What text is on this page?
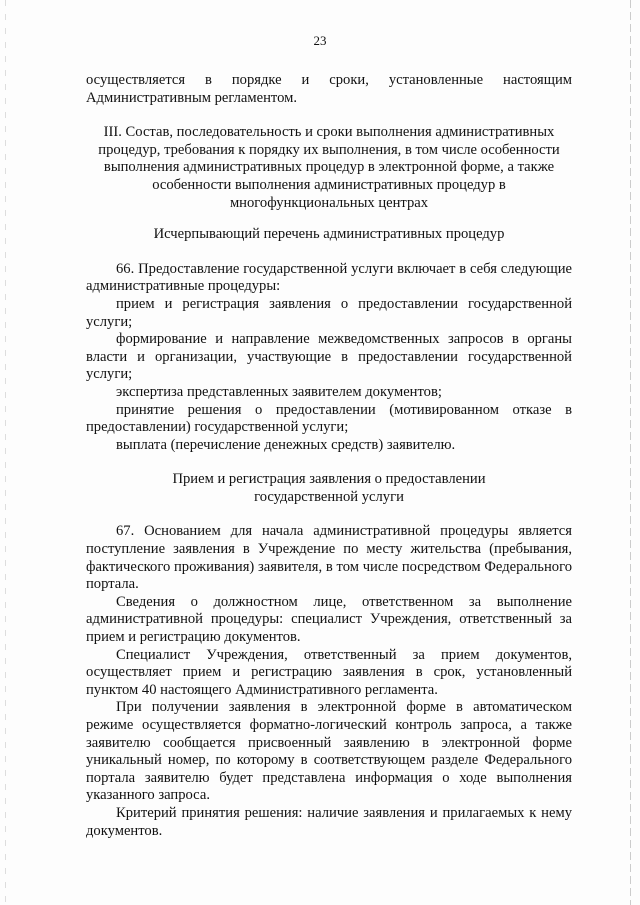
23

осуществляется в порядке и сроки, установленные настоящим Административным регламентом.

III. Состав, последовательность и сроки выполнения административных процедур, требования к порядку их выполнения, в том числе особенности выполнения административных процедур в электронной форме, а также особенности выполнения административных процедур в многофункциональных центрах

Исчерпывающий перечень административных процедур

66. Предоставление государственной услуги включает в себя следующие административные процедуры:

прием и регистрация заявления о предоставлении государственной услуги;

формирование и направление межведомственных запросов в органы власти и организации, участвующие в предоставлении государственной услуги;

экспертиза представленных заявителем документов;

принятие решения о предоставлении (мотивированном отказе в предоставлении) государственной услуги;

выплата (перечисление денежных средств) заявителю.

Прием и регистрация заявления о предоставлении
государственной услуги

67. Основанием для начала административной процедуры является поступление заявления в Учреждение по месту жительства (пребывания, фактического проживания) заявителя, в том числе посредством Федерального портала.

Сведения о должностном лице, ответственном за выполнение административной процедуры: специалист Учреждения, ответственный за прием и регистрацию документов.

Специалист Учреждения, ответственный за прием документов, осуществляет прием и регистрацию заявления в срок, установленный пунктом 40 настоящего Административного регламента.

При получении заявления в электронной форме в автоматическом режиме осуществляется форматно-логический контроль запроса, а также заявителю сообщается присвоенный заявлению в электронной форме уникальный номер, по которому в соответствующем разделе Федерального портала заявителю будет представлена информация о ходе выполнения указанного запроса.

Критерий принятия решения: наличие заявления и прилагаемых к нему документов.
